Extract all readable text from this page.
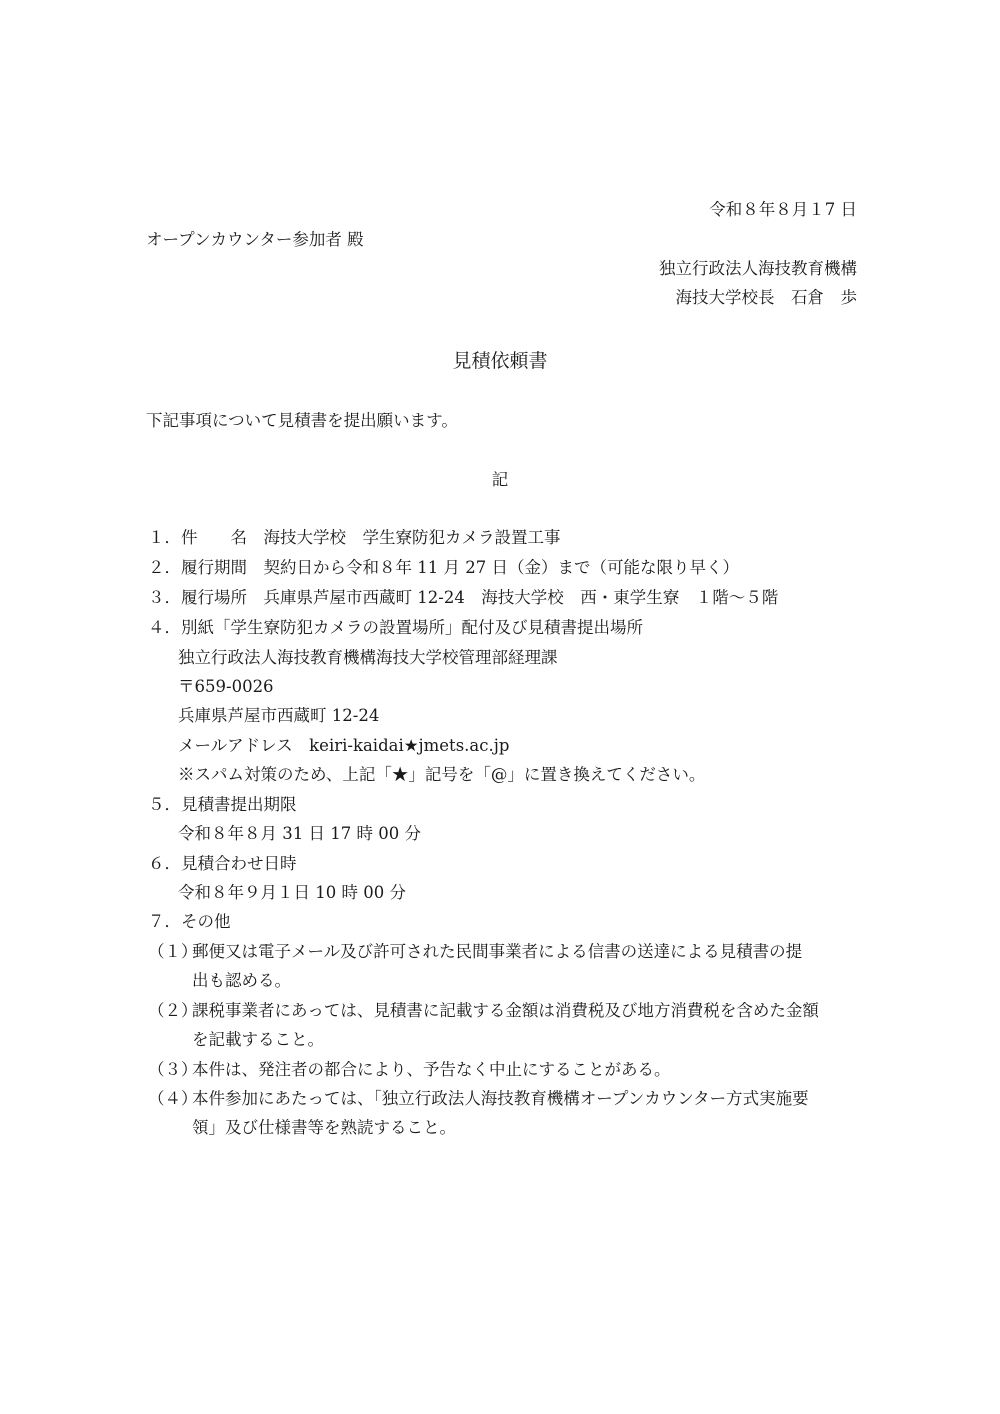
令和８年８月１7 日
オープンカウンター参加者 殿
独立行政法人海技教育機構
海技大学校長　石倉　歩
見積依頼書
下記事項について見積書を提出願います。
記
１．件　　名　海技大学校　学生寮防犯カメラ設置工事
２．履行期間　契約日から令和８年 11 月 27 日（金）まで（可能な限り早く）
３．履行場所　兵庫県芦屋市西蔵町 12-24　海技大学校　西・東学生寮　１階～５階
４．別紙「学生寮防犯カメラの設置場所」配付及び見積書提出場所
独立行政法人海技教育機構海技大学校管理部経理課
〒659-0026
兵庫県芦屋市西蔵町 12-24
メールアドレス　keiri-kaidai★jmets.ac.jp
※スパム対策のため、上記「★」記号を「@」に置き換えてください。
５．見積書提出期限
令和８年８月 31 日 17 時 00 分
６．見積合わせ日時
令和８年９月１日 10 時 00 分
７．その他
（１）郵便又は電子メール及び許可された民間事業者による信書の送達による見積書の提
出も認める。
（２）課税事業者にあっては、見積書に記載する金額は消費税及び地方消費税を含めた金額
を記載すること。
（３）本件は、発注者の都合により、予告なく中止にすることがある。
（４）本件参加にあたっては、「独立行政法人海技教育機構オープンカウンター方式実施要
領」及び仕様書等を熟読すること。
